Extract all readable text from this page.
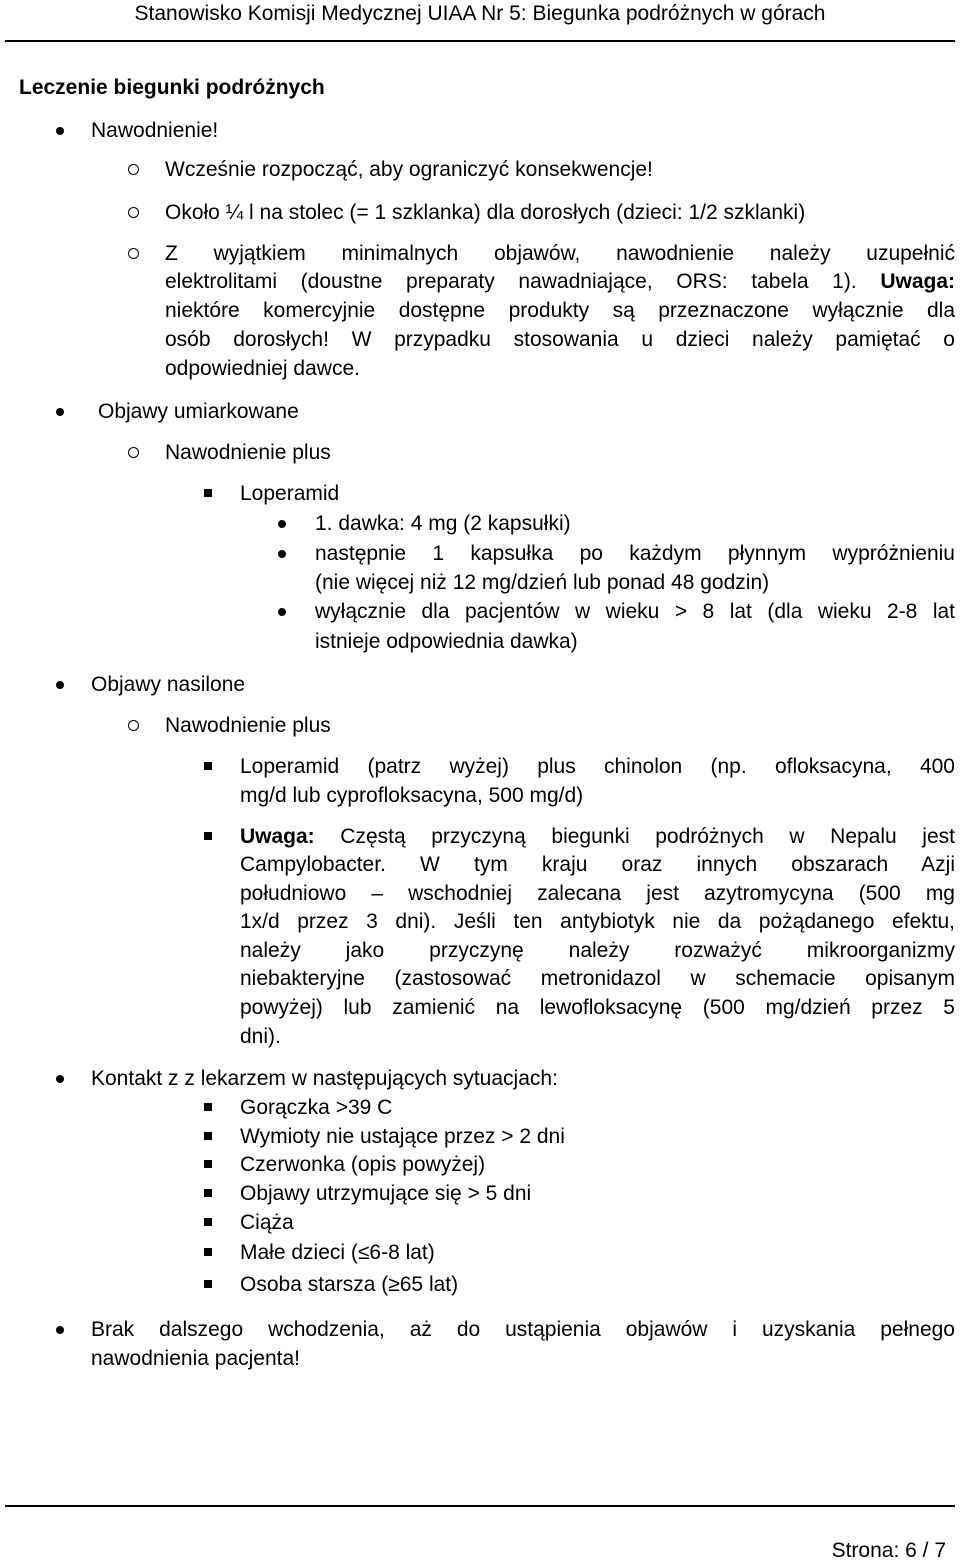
Stanowisko Komisji Medycznej UIAA Nr 5: Biegunka podróżnych w górach
Leczenie biegunki podróżnych
Nawodnienie!
Wcześnie rozpocząć, aby ograniczyć konsekwencje!
Około ¼ l na stolec (= 1 szklanka) dla dorosłych (dzieci: 1/2 szklanki)
Z wyjątkiem minimalnych objawów, nawodnienie należy uzupełnić
elektrolitami (doustne preparaty nawadniające, ORS: tabela 1). Uwaga:
niektóre komercyjnie dostępne produkty są przeznaczone wyłącznie dla
osób dorosłych! W przypadku stosowania u dzieci należy pamiętać o
odpowiedniej dawce.
Objawy umiarkowane
Nawodnienie plus
Loperamid
1. dawka: 4 mg (2 kapsułki)
następnie 1 kapsułka po każdym płynnym wypróżnieniu
(nie więcej niż 12 mg/dzień lub ponad 48 godzin)
wyłącznie dla pacjentów w wieku > 8 lat (dla wieku 2-8 lat
istnieje odpowiednia dawka)
Objawy nasilone
Nawodnienie plus
Loperamid (patrz wyżej) plus chinolon (np. ofloksacyna, 400
mg/d lub cyprofloksacyna, 500 mg/d)
Uwaga: Częstą przyczyną biegunki podróżnych w Nepalu jest
Campylobacter. W tym kraju oraz innych obszarach Azji
południowo – wschodniej zalecana jest azytromycyna (500 mg
1x/d przez 3 dni). Jeśli ten antybiotyk nie da pożądanego efektu,
należy jako przyczynę należy rozważyć mikroorganizmy
niebakteryjne (zastosować metronidazol w schemacie opisanym
powyżej) lub zamienić na lewofloksacynę (500 mg/dzień przez 5
dni).
Kontakt z z lekarzem w następujących sytuacjach:
Gorączka >39 C
Wymioty nie ustające przez > 2 dni
Czerwonka (opis powyżej)
Objawy utrzymujące się > 5 dni
Ciąża
Małe dzieci (≤6-8 lat)
Osoba starsza (≥65 lat)
Brak dalszego wchodzenia, aż do ustąpienia objawów i uzyskania pełnego
nawodnienia pacjenta!
Strona: 6 / 7
